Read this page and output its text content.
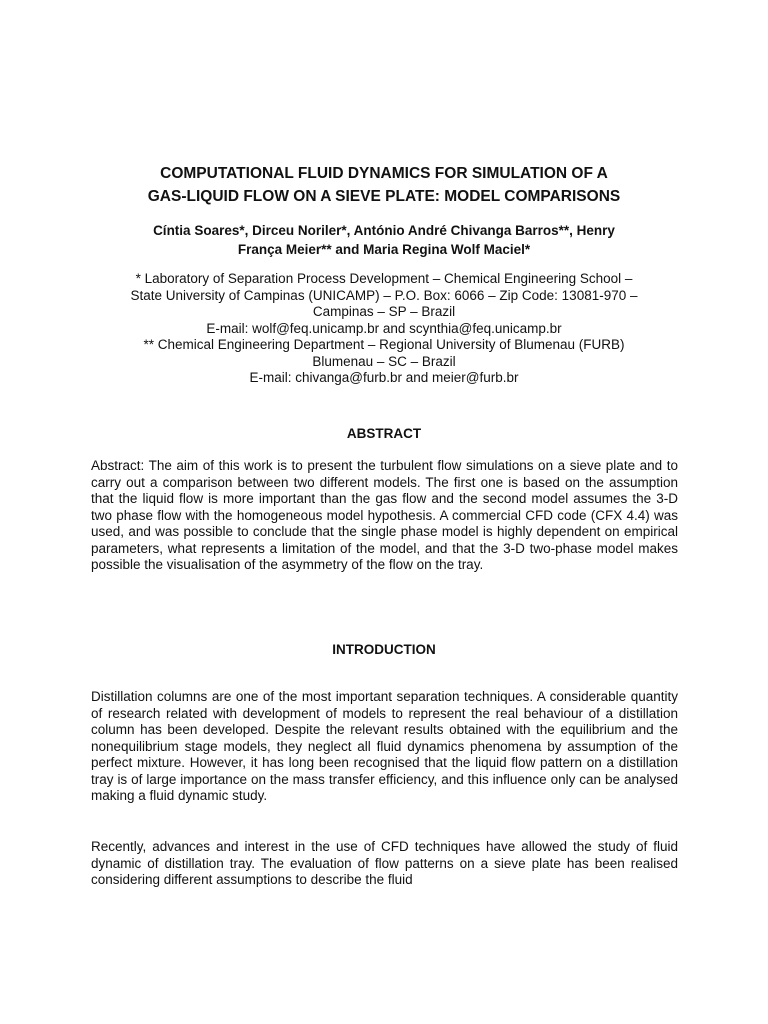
COMPUTATIONAL FLUID DYNAMICS FOR SIMULATION OF A
GAS-LIQUID FLOW ON A SIEVE PLATE: MODEL COMPARISONS

Cíntia Soares*, Dirceu Noriler*, António André Chivanga Barros**, Henry
França Meier** and Maria Regina Wolf Maciel*

* Laboratory of Separation Process Development – Chemical Engineering School –
State University of Campinas (UNICAMP) – P.O. Box: 6066 – Zip Code: 13081-970 –
Campinas – SP – Brazil
E-mail: wolf@feq.unicamp.br and scynthia@feq.unicamp.br
** Chemical Engineering Department – Regional University of Blumenau (FURB)
Blumenau – SC – Brazil
E-mail: chivanga@furb.br and meier@furb.br
ABSTRACT

Abstract: The aim of this work is to present the turbulent flow simulations on a sieve plate and to carry out a comparison between two different models. The first one is based on the assumption that the liquid flow is more important than the gas flow and the second model assumes the 3-D two phase flow with the homogeneous model hypothesis. A commercial CFD code (CFX 4.4) was used, and was possible to conclude that the single phase model is highly dependent on empirical parameters, what represents a limitation of the model, and that the 3-D two-phase model makes possible the visualisation of the asymmetry of the flow on the tray.

INTRODUCTION

Distillation columns are one of the most important separation techniques. A considerable quantity of research related with development of models to represent the real behaviour of a distillation column has been developed. Despite the relevant results obtained with the equilibrium and the nonequilibrium stage models, they neglect all fluid dynamics phenomena by assumption of the perfect mixture. However, it has long been recognised that the liquid flow pattern on a distillation tray is of large importance on the mass transfer efficiency, and this influence only can be analysed making a fluid dynamic study.

Recently, advances and interest in the use of CFD techniques have allowed the study of fluid dynamic of distillation tray. The evaluation of flow patterns on a sieve plate has been realised considering different assumptions to describe the fluid
